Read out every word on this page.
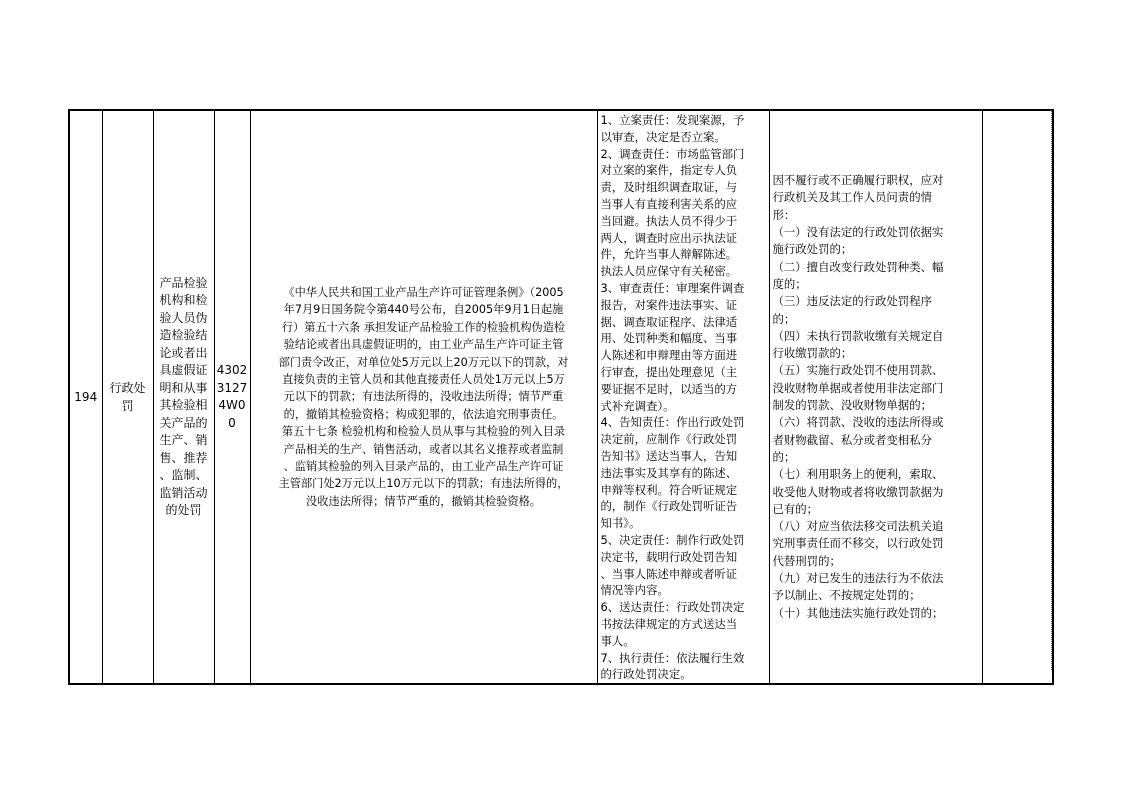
194	
行政处
罚

产品检验
机构和检
验人员伪
造检验结
论或者出
具虚假证
明和从事
其检验相
关产品的
生产、销
售、推荐
、监制、
监销活动
的处罚

4302
3127
4W0
0

《中华人民共和国工业产品生产许可证管理条例》（2005
年7月9日国务院令第440号公布，自2005年9月1日起施
行）第五十六条 承担发证产品检验工作的检验机构伪造检
验结论或者出具虚假证明的，由工业产品生产许可证主管
部门责令改正，对单位处5万元以上20万元以下的罚款，对
直接负责的主管人员和其他直接责任人员处1万元以上5万
元以下的罚款；有违法所得的，没收违法所得；情节严重
的，撤销其检验资格；构成犯罪的，依法追究刑事责任。
第五十七条 检验机构和检验人员从事与其检验的列入目录
产品相关的生产、销售活动，或者以其名义推荐或者监制
、监销其检验的列入目录产品的，由工业产品生产许可证
主管部门处2万元以上10万元以下的罚款；有违法所得的，
没收违法所得；情节严重的，撤销其检验资格。

1、立案责任：发现案源，予
以审查，决定是否立案。
2、调查责任：市场监管部门
对立案的案件，指定专人负
责，及时组织调查取证，与
当事人有直接利害关系的应
当回避。执法人员不得少于
两人，调查时应出示执法证
件，允许当事人辩解陈述。
执法人员应保守有关秘密。
3、审查责任：审理案件调查
报告，对案件违法事实、证
据、调查取证程序、法律适
用、处罚种类和幅度、当事
人陈述和申辩理由等方面进
行审查，提出处理意见（主
要证据不足时，以适当的方
式补充调查）。
4、告知责任：作出行政处罚
决定前，应制作《行政处罚
告知书》送达当事人，告知
违法事实及其享有的陈述、
申辩等权利。符合听证规定
的，制作《行政处罚听证告
知书》。
5、决定责任：制作行政处罚
决定书，载明行政处罚告知
、当事人陈述申辩或者听证
情况等内容。
6、送达责任：行政处罚决定
书按法律规定的方式送达当
事人。
7、执行责任：依法履行生效
的行政处罚决定。

因不履行或不正确履行职权，应对
行政机关及其工作人员问责的情
形：
（一）没有法定的行政处罚依据实
施行政处罚的；
（二）擅自改变行政处罚种类、幅
度的；
（三）违反法定的行政处罚程序
的；
（四）未执行罚款收缴有关规定自
行收缴罚款的；
（五）实施行政处罚不使用罚款、
没收财物单据或者使用非法定部门
制发的罚款、没收财物单据的；
（六）将罚款、没收的违法所得或
者财物截留、私分或者变相私分
的；
（七）利用职务上的便利，索取、
收受他人财物或者将收缴罚款据为
已有的；
（八）对应当依法移交司法机关追
究刑事责任而不移交，以行政处罚
代替刑罚的；
（九）对已发生的违法行为不依法
予以制止、不按规定处罚的；
（十）其他违法实施行政处罚的；
